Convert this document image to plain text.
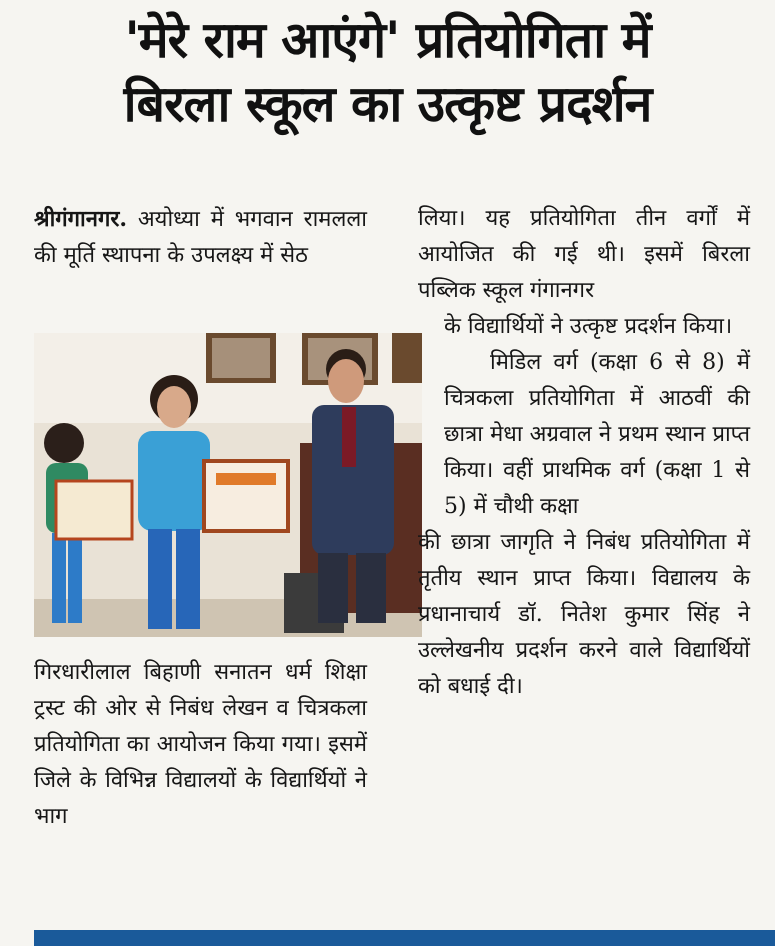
'मेरे राम आएंगे' प्रतियोगिता में
बिरला स्कूल का उत्कृष्ट प्रदर्शन

श्रीगंगानगर. अयोध्या में भगवान रामलला की मूर्ति स्थापना के उपलक्ष्य में सेठ

गिरधारीलाल बिहाणी सनातन धर्म शिक्षा ट्रस्ट की ओर से निबंध लेखन व चित्रकला प्रतियोगिता का आयोजन किया गया। इसमें जिले के विभिन्न विद्यालयों के विद्यार्थियों ने भाग

लिया। यह प्रतियोगिता तीन वर्गों में आयोजित की गई थी। इसमें बिरला पब्लिक स्कूल गंगानगर

के विद्यार्थियों ने उत्कृष्ट प्रदर्शन किया।

मिडिल वर्ग (कक्षा 6 से 8) में चित्रकला प्रतियोगिता में आठवीं की छात्रा मेधा अग्रवाल ने प्रथम स्थान प्राप्त किया। वहीं प्राथमिक वर्ग (कक्षा 1 से 5) में चौथी कक्षा

की छात्रा जागृति ने निबंध प्रतियोगिता में तृतीय स्थान प्राप्त किया। विद्यालय के प्रधानाचार्य डॉ. नितेश कुमार सिंह ने उल्लेखनीय प्रदर्शन करने वाले विद्यार्थियों को बधाई दी।
